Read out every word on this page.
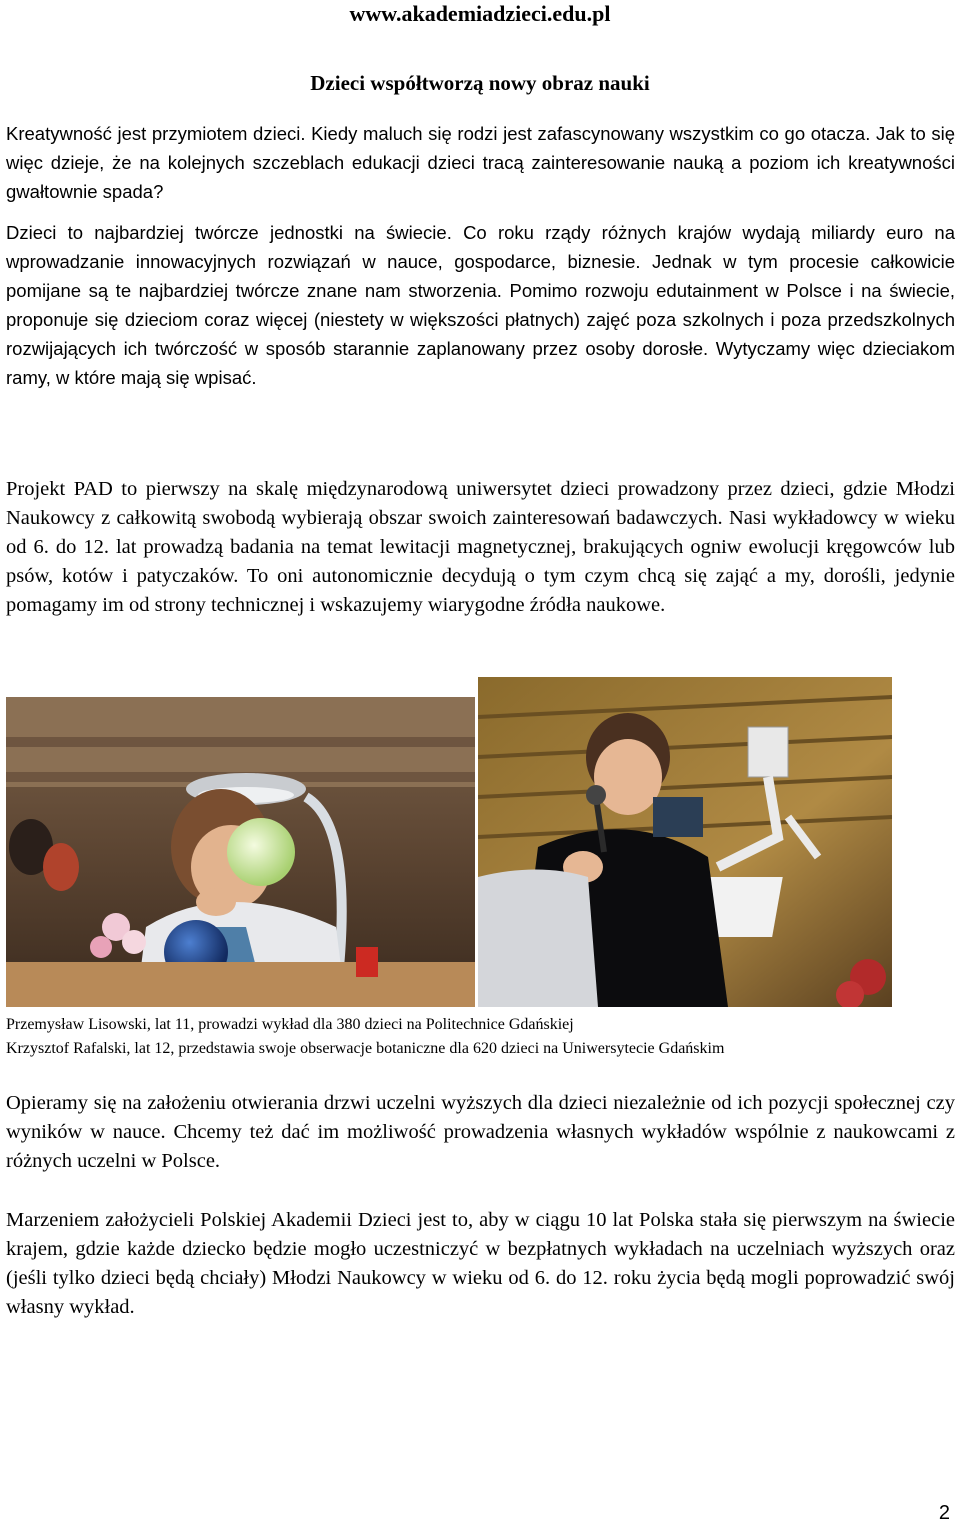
www.akademiadzieci.edu.pl
Dzieci współtworzą nowy obraz nauki

Kreatywność jest przymiotem dzieci. Kiedy maluch się rodzi jest zafascynowany wszystkim co go otacza. Jak to się więc dzieje, że na kolejnych szczeblach edukacji dzieci tracą zainteresowanie nauką a poziom ich kreatywności gwałtownie spada?

Dzieci to najbardziej twórcze jednostki na świecie. Co roku rządy różnych krajów wydają miliardy euro na wprowadzanie innowacyjnych rozwiązań w nauce, gospodarce, biznesie. Jednak w tym procesie całkowicie pomijane są te najbardziej twórcze znane nam stworzenia. Pomimo rozwoju edutainment w Polsce i na świecie, proponuje się dzieciom coraz więcej (niestety w większości płatnych) zajęć poza szkolnych i poza przedszkolnych rozwijających ich twórczość w sposób starannie zaplanowany przez osoby dorosłe. Wytyczamy więc dzieciakom ramy, w które mają się wpisać.

Projekt PAD to pierwszy na skalę międzynarodową uniwersytet dzieci prowadzony przez dzieci, gdzie Młodzi Naukowcy z całkowitą swobodą wybierają obszar swoich zainteresowań badawczych. Nasi wykładowcy w wieku od 6. do 12. lat prowadzą badania na temat lewitacji magnetycznej, brakujących ogniw ewolucji kręgowców lub psów, kotów i patyczaków. To oni autonomicznie decydują o tym czym chcą się zająć a my, dorośli, jedynie pomagamy im od strony technicznej i wskazujemy wiarygodne źródła naukowe.

Przemysław Lisowski, lat 11, prowadzi wykład dla 380 dzieci na Politechnice Gdańskiej
Krzysztof Rafalski, lat 12, przedstawia swoje obserwacje botaniczne dla 620 dzieci na Uniwersytecie Gdańskim

Opieramy się na założeniu otwierania drzwi uczelni wyższych dla dzieci niezależnie od ich pozycji społecznej czy wyników w nauce. Chcemy też dać im możliwość prowadzenia własnych wykładów wspólnie z naukowcami z różnych uczelni w Polsce.

Marzeniem założycieli Polskiej Akademii Dzieci jest to, aby w ciągu 10 lat Polska stała się pierwszym na świecie krajem, gdzie każde dziecko będzie mogło uczestniczyć w bezpłatnych wykładach na uczelniach wyższych oraz (jeśli tylko dzieci będą chciały) Młodzi Naukowcy w wieku od 6. do 12. roku życia będą mogli poprowadzić swój własny wykład.

2
